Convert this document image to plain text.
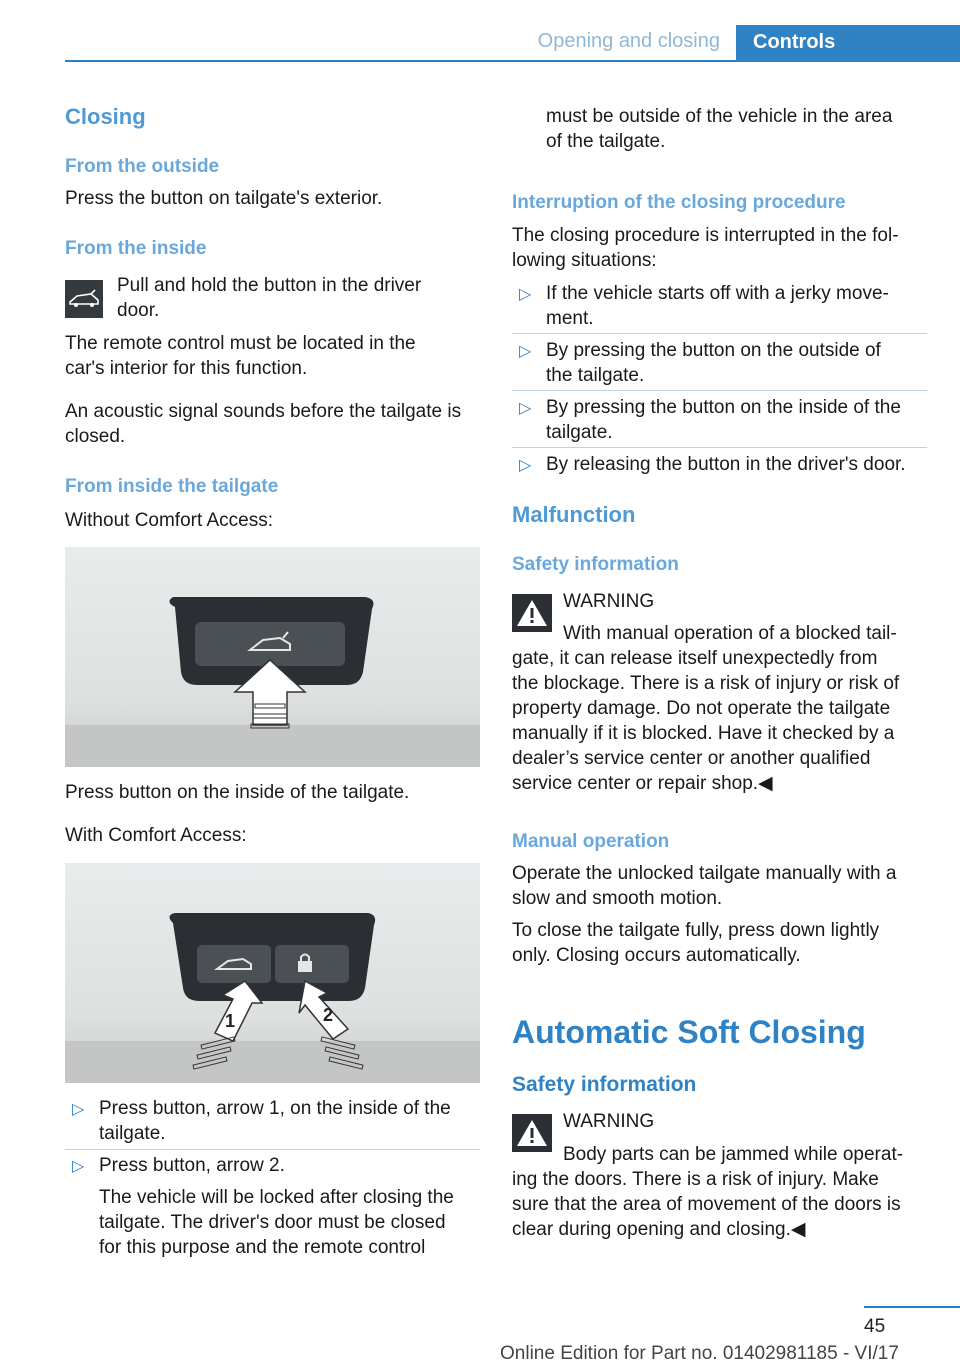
Opening and closing	Controls
Closing
From the outside

Press the button on tailgate's exterior.

From the inside

Pull and hold the button in the driver

door.

The remote control must be located in the

car's interior for this function.

An acoustic signal sounds before the tailgate is

closed.

From inside the tailgate

Without Comfort Access:

Press button on the inside of the tailgate.

With Comfort Access:

1	2
▷ Press button, arrow 1, on the inside of the

tailgate.

▷ Press button, arrow 2.

The vehicle will be locked after closing the

tailgate. The driver's door must be closed

for this purpose and the remote control

must be outside of the vehicle in the area

of the tailgate.

Interruption of the closing procedure

The closing procedure is interrupted in the fol‐

lowing situations:

▷ If the vehicle starts off with a jerky move‐

ment.

▷ By pressing the button on the outside of

the tailgate.

▷ By pressing the button on the inside of the

tailgate.

▷ By releasing the button in the driver's door.

Malfunction
Safety information

WARNING

With manual operation of a blocked tail‐

gate, it can release itself unexpectedly from

the blockage. There is a risk of injury or risk of

property damage. Do not operate the tailgate

manually if it is blocked. Have it checked by a

dealer’s service center or another qualified

service center or repair shop.◀

Manual operation

Operate the unlocked tailgate manually with a

slow and smooth motion.

To close the tailgate fully, press down lightly

only. Closing occurs automatically.

Automatic Soft Closing
Safety information

WARNING

Body parts can be jammed while operat‐

ing the doors. There is a risk of injury. Make

sure that the area of movement of the doors is

clear during opening and closing.◀

45
Online Edition for Part no. 01402981185 - VI/17
